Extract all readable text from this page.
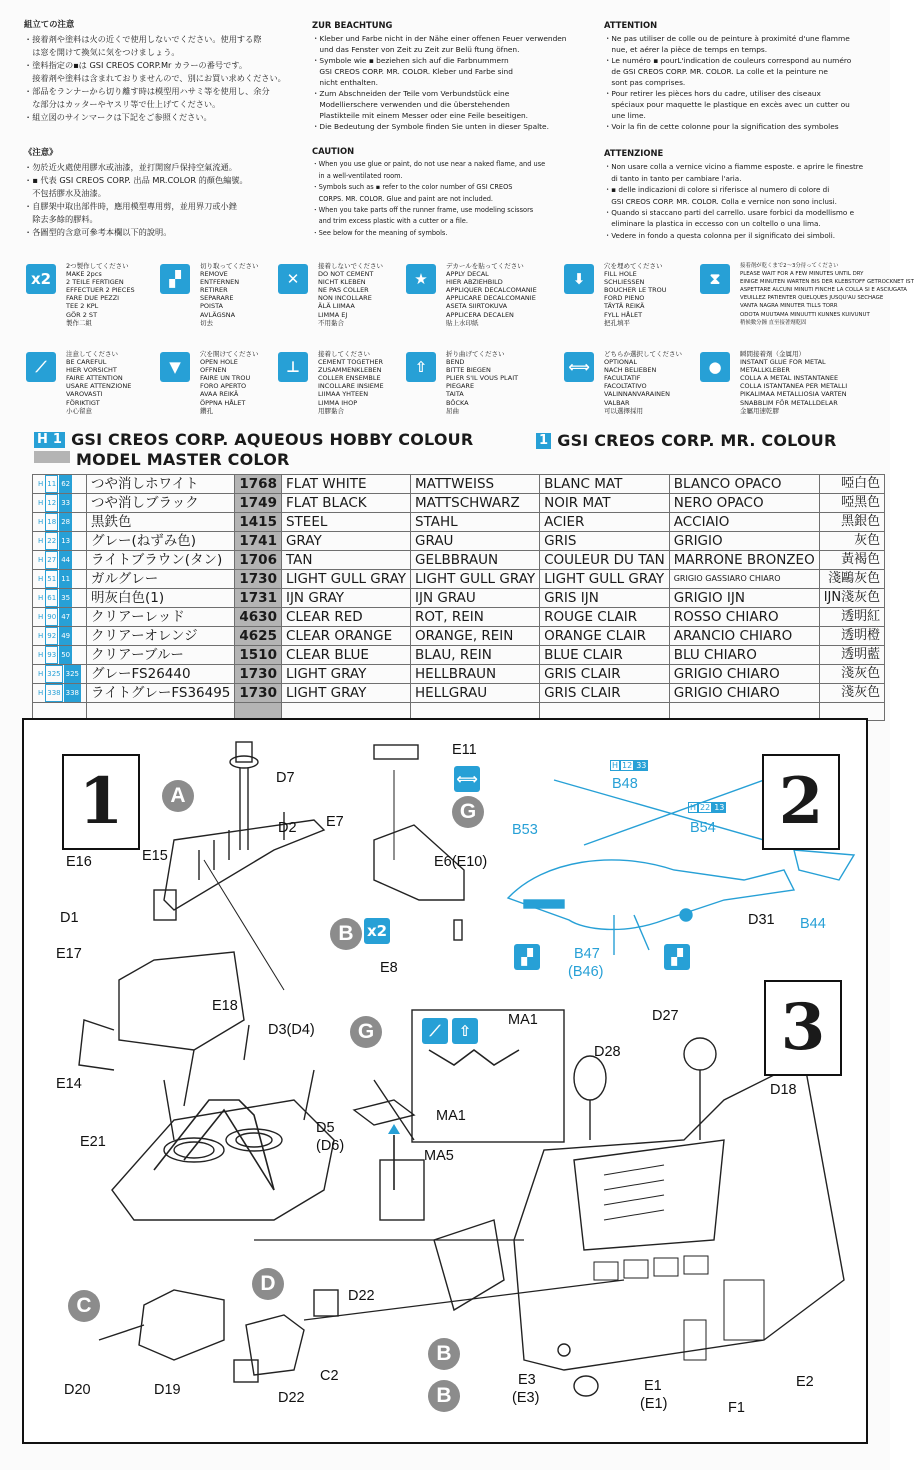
組立ての注意

・接着剤や塗料は火の近くで使用しないでください。使用する際

　は窓を開けて換気に気をつけましょう。

・塗料指定の▪は GSI CREOS CORP.Mr カラーの番号です。

　接着剤や塗料は含まれておりませんので、別にお買い求めください。

・部品をランナーから切り離す時は模型用ハサミ等を使用し、余分

　な部分はカッターやヤスリ等で仕上げてください。

・組立図のサインマークは下記をご参照ください。

ZUR BEACHTUNG

・Kleber und Farbe nicht in der Nähe einer offenen Feuer verwenden

　und das Fenster von Zeit zu Zeit zur Belü ftung öfnen.

・Symbole wie ▪ beziehen sich auf die Farbnummern

　GSI CREOS CORP. MR. COLOR. Kleber und Farbe sind

　nicht enthalten.

・Zum Abschneiden der Teile vom Verbundstück eine

　Modellierschere verwenden und die überstehenden

　Plastikteile mit einem Messer oder eine Feile beseitigen.

・Die Bedeutung der Symbole finden Sie unten in dieser Spalte.

ATTENTION

・Ne pas utiliser de colle ou de peinture à proximité d'une flamme

　nue, et aérer la pièce de temps en temps.

・Le numéro ▪ pourL'indication de couleurs correspond au numéro

　de GSI CREOS CORP. MR. COLOR. La colle et la peinture ne

　sont pas comprises.

・Pour retirer les pièces hors du cadre, utiliser des ciseaux

　spéciaux pour maquette le plastique en excès avec un cutter ou

　une lime.

・Voir la fin de cette colonne pour la signification des symboles

《注意》

・勿於近火處使用膠水或油漆，並打開窗戶保持空氣流通。

・▪ 代表 GSI CREOS CORP. 出品 MR.COLOR 的顏色編號。

　不包括膠水及油漆。

・自膠架中取出部件時，應用模型專用剪，並用界刀或小銼

　除去多餘的膠料。

・各圖型的含意可參考本欄以下的說明。

CAUTION

・When you use glue or paint, do not use near a naked flame, and use

　in a well-ventilated room.

・Symbols such as ▪ refer to the color number of GSI CREOS

　CORPS. MR. COLOR. Glue and paint are not included.

・When you take parts off the runner frame, use modeling scissors

　and trim excess plastic with a cutter or a file.

・See below for the meaning of symbols.

ATTENZIONE

・Non usare colla a vernice vicino a fiamme esposte. e aprire le finestre

　di tanto in tanto per cambiare l'aria.

・▪ delle indicazioni di colore si riferisce al numero di colore di

　GSI CREOS CORP. MR. COLOR. Colla e vernice non sono inclusi.

・Quando si staccano parti del carrello. usare forbici da modellismo e

　eliminare la plastica in eccesso con un coltello o una lima.

・Vedere in fondo a questa colonna per il significato dei simboli.

x2
2つ製作してください
MAKE 2pcs
2 TEILE FERTIGEN
EFFECTUER 2 PIECES
FARE DUE PEZZI
TEE 2 KPL
GÖR 2 ST
製作二組
▞
切り取ってください
REMOVE
ENTFERNEN
RETIRER
SEPARARE
POISTA
AVLÄGSNA
切去
✕
接着しないでください
DO NOT CEMENT
NICHT KLEBEN
NE PAS COLLER
NON INCOLLARE
ÄLÄ LIIMAA
LIMMA EJ
不用黏合
★
デカールを貼ってください
APPLY DECAL
HIER ABZIEHBILD
APPLIQUER DECALCOMANIE
APPLICARE DECALCOMANIE
ASETA SIIRTOKUVA
APPLICERA DECALEN
貼上水印紙
⬇
穴を埋めてください
FILL HOLE
SCHLIESSEN
BOUCHER LE TROU
FORD PIENO
TÄYTÄ REIKÄ
FYLL HÅLET
把孔填平
⧗
接着剤が乾くまで2～3分待ってください
PLEASE WAIT FOR A FEW MINUTES UNTIL DRY
EINIGE MINUTEN WARTEN BIS DER KLEBSTOFF GETROCKNET IST
ASPETTARE ALCUNI MINUTI FINCHE LA COLLA SI E ASCIUGATA
VEUILLEZ PATIENTER QUELQUES JUSQU'AU SECHAGE
VANTA NAGRA MINUTER TILLS TORR
ODOTA MUUTAMA MINUUTTI KUNNES KUIVUNUT
稍候數分鐘 直至接著劑乾固
⟋
注意してください
BE CAREFUL
HIER VORSICHT
FAIRE ATTENTION
USARE ATTENZIONE
VAROVASTI
FÖRIKTIGT
小心留意
▼
穴を開けてください
OPEN HOLE
OFFNEN
FAIRE UN TROU
FORO APERTO
AVAA REIKÄ
ÖPPNA HÅLET
鑽孔
⊥
接着してください
CEMENT TOGETHER
ZUSAMMENKLEBEN
COLLER ENSEMBLE
INCOLLARE INSIEME
LIIMAA YHTEEN
LIMMA IHOP
用膠黏合
⇧
折り曲げてください
BEND
BITTE BIEGEN
PLIER S'IL VOUS PLAIT
PIEGARE
TAITA
BÖCKA
屈曲
⟺
どちらか選択してください
OPTIONAL
NACH BELIEBEN
FACULTATIF
FACOLTATIVO
VALINNANVARAINEN
VALBAR
可以選擇採用
●
瞬間接着剤（金属用）
INSTANT GLUE FOR METAL
METALLKLEBER
COLLA A METAL INSTANTANEE
COLLA ISTANTANEA PER METALLI
PIKALIMAA METALLIOSIA VARTEN
SNABBLIM FÖR METALLDELAR
金屬用速乾膠
H 1 GSI CREOS CORP. AQUEOUS HOBBY COLOUR	1 GSI CREOS CORP. MR. COLOUR
MODEL MASTER COLOR
H 11 62	つや消しホワイト	1768	FLAT WHITE	MATTWEISS	BLANC MAT	BLANCO OPACO	啞白色
H 12 33	つや消しブラック	1749	FLAT BLACK	MATTSCHWARZ	NOIR MAT	NERO OPACO	啞黑色
H 18 28	黒鉄色	1415	STEEL	STAHL	ACIER	ACCIAIO	黑銀色
H 22 13	グレー(ねずみ色)	1741	GRAY	GRAU	GRIS	GRIGIO	灰色
H 27 44	ライトブラウン(タン)	1706	TAN	GELBBRAUN	COULEUR DU TAN	MARRONE BRONZEO	黃褐色
H 51 11	ガルグレー	1730	LIGHT GULL GRAY	LIGHT GULL GRAY	LIGHT GULL GRAY	GRIGIO GASSIARO CHIARO	淺鷗灰色
H 61 35	明灰白色(1)	1731	IJN GRAY	IJN GRAU	GRIS IJN	GRIGIO IJN	IJN淺灰色
H 90 47	クリアーレッド	4630	CLEAR RED	ROT, REIN	ROUGE CLAIR	ROSSO CHIARO	透明紅
H 92 49	クリアーオレンジ	4625	CLEAR ORANGE	ORANGE, REIN	ORANGE CLAIR	ARANCIO CHIARO	透明橙
H 93 50	クリアーブルー	1510	CLEAR BLUE	BLAU, REIN	BLUE CLAIR	BLU CHIARO	透明藍
H 325 325	グレーFS26440	1730	LIGHT GRAY	HELLBRAUN	GRIS CLAIR	GRIGIO CHIARO	淺灰色
H 338 338	ライトグレーFS36495	1730	LIGHT GRAY	HELLGRAU	GRIS CLAIR	GRIGIO CHIARO	淺灰色

1	2
3
A
G
B
G
C
D
B
B
x2
⟺
⟋	⇧
▞	▞
H 12 33
H 22 13
D7
D2
E16	E15
D1
E17
E18
E14
D3(D4)
D5
(D6)
E21
E11
E7
E6(E10)
E8
MA1
MA1
MA5
B48
B53	B54
B44
B47
(B46)
D31
D27
D28
D18
D22
D22
C2
D20	D19
E3
(E3)
E1
(E1)	F1
E2
